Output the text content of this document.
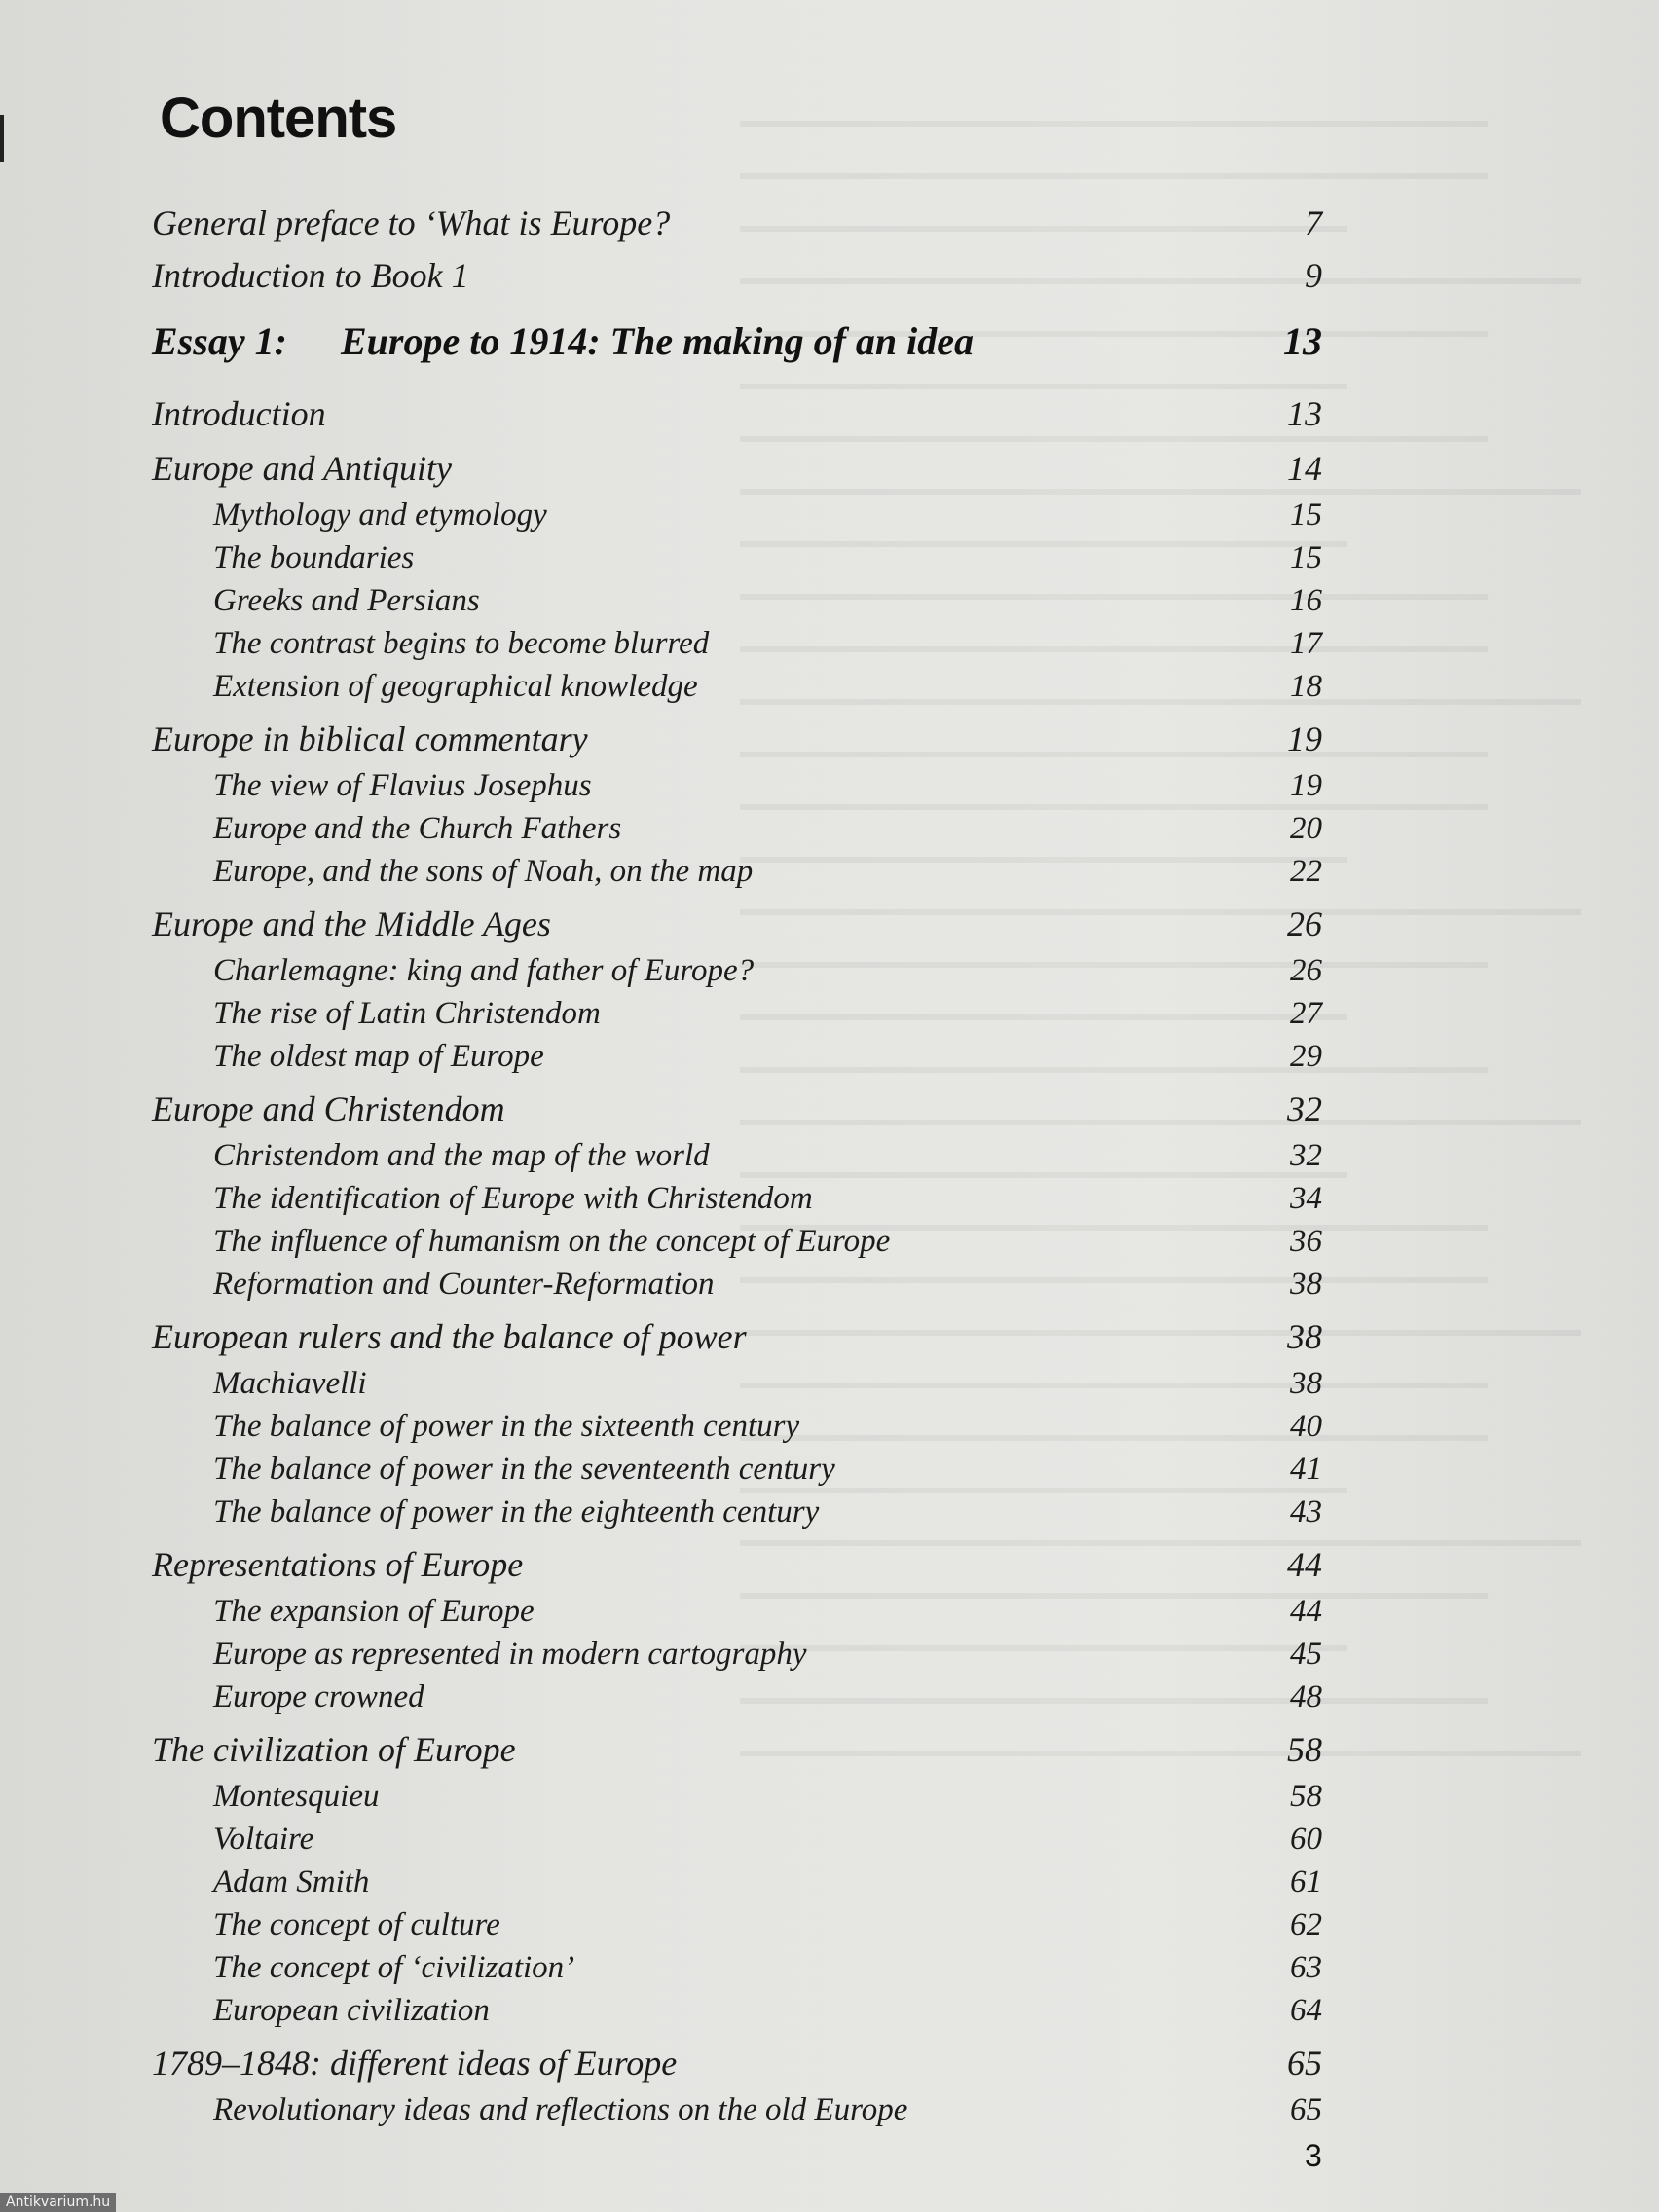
Contents
General preface to ‘What is Europe?	7
Introduction to Book 1	9
Essay 1: Europe to 1914: The making of an idea	13
Introduction	13
Europe and Antiquity	14
Mythology and etymology	15
The boundaries	15
Greeks and Persians	16
The contrast begins to become blurred	17
Extension of geographical knowledge	18
Europe in biblical commentary	19
The view of Flavius Josephus	19
Europe and the Church Fathers	20
Europe, and the sons of Noah, on the map	22
Europe and the Middle Ages	26
Charlemagne: king and father of Europe?	26
The rise of Latin Christendom	27
The oldest map of Europe	29
Europe and Christendom	32
Christendom and the map of the world	32
The identification of Europe with Christendom	34
The influence of humanism on the concept of Europe	36
Reformation and Counter-Reformation	38
European rulers and the balance of power	38
Machiavelli	38
The balance of power in the sixteenth century	40
The balance of power in the seventeenth century	41
The balance of power in the eighteenth century	43
Representations of Europe	44
The expansion of Europe	44
Europe as represented in modern cartography	45
Europe crowned	48
The civilization of Europe	58
Montesquieu	58
Voltaire	60
Adam Smith	61
The concept of culture	62
The concept of ‘civilization’	63
European civilization	64
1789–1848: different ideas of Europe	65
Revolutionary ideas and reflections on the old Europe	65
3
Antikvarium.hu
